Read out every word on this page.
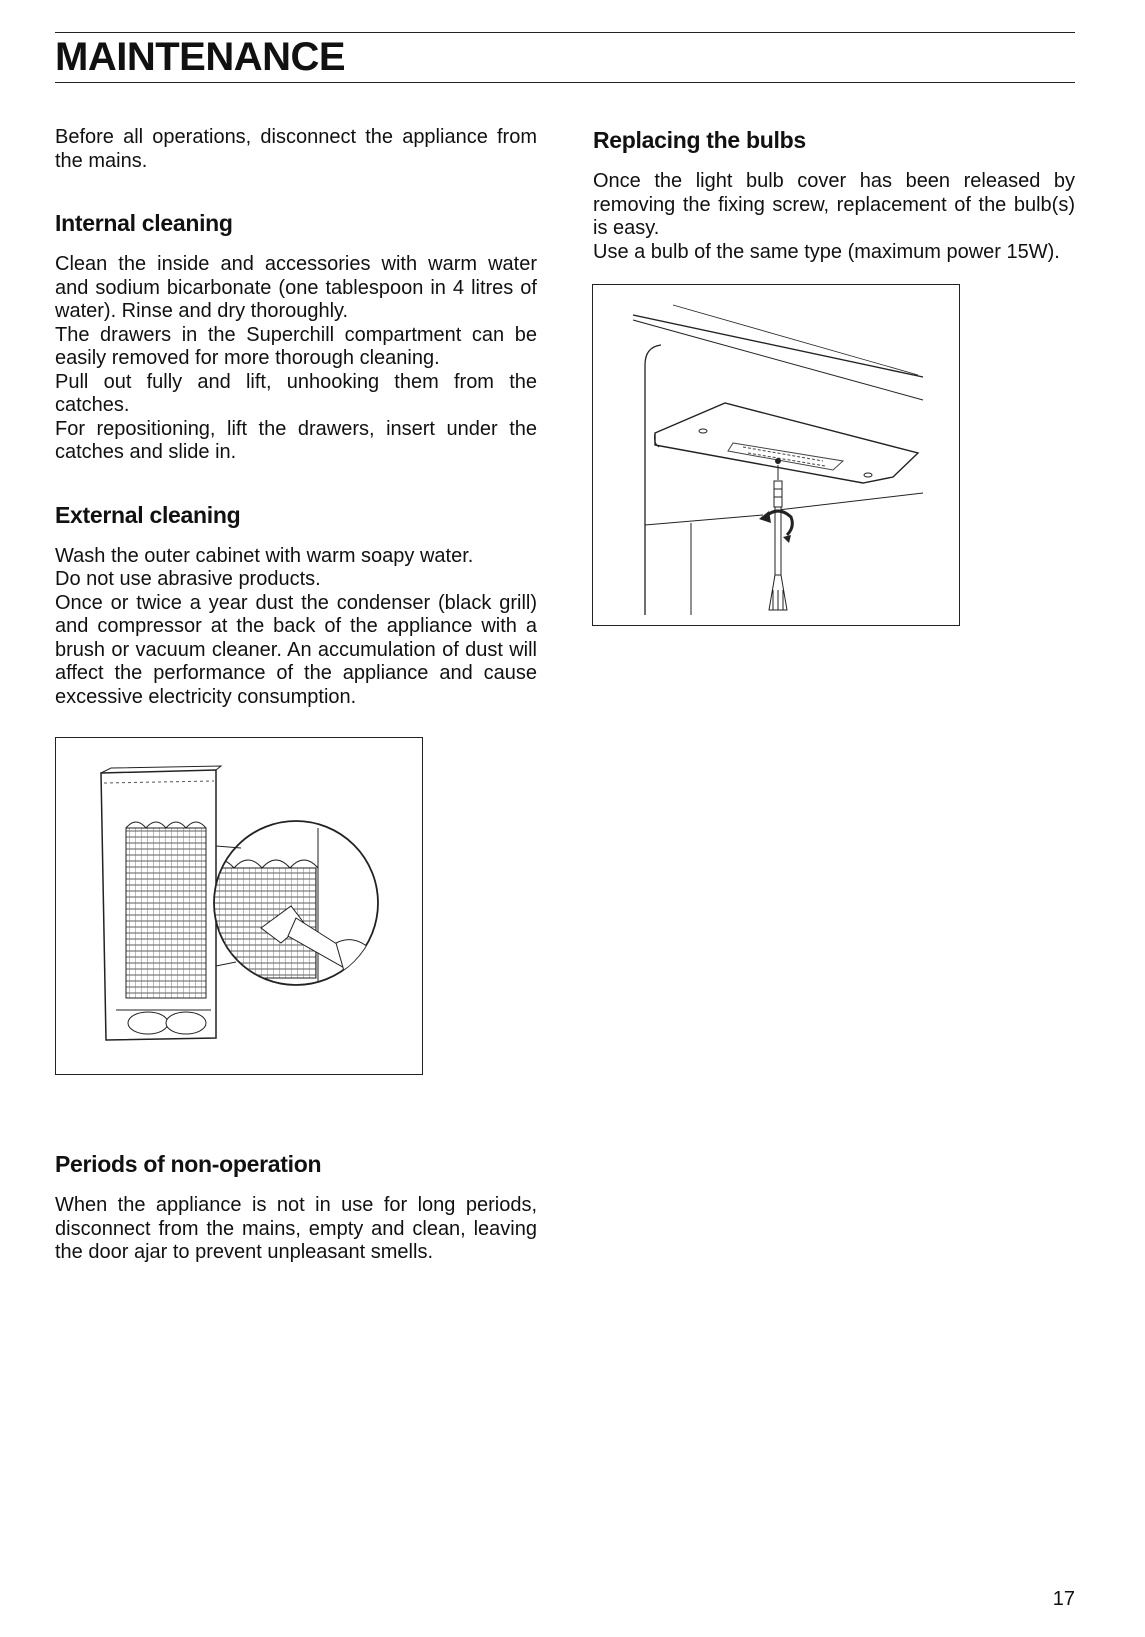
MAINTENANCE

Before all operations, disconnect the appliance from the mains.

Internal cleaning

Clean the inside and accessories with warm water and sodium bicarbonate (one tablespoon in 4 litres of water). Rinse and dry thoroughly.

The drawers in the Superchill compartment can be easily removed for more thorough cleaning.

Pull out fully and lift, unhooking them from the catches.

For repositioning, lift the drawers, insert under the catches and slide in.

External cleaning

Wash the outer cabinet with warm soapy water.

Do not use abrasive products.

Once or twice a year dust the condenser (black grill) and compressor at the back of the appliance with a brush or vacuum cleaner. An accumulation of dust will affect the performance of the appliance and cause excessive electricity consumption.

Periods of non-operation

When the appliance is not in use for long periods, disconnect from the mains, empty and clean, leaving the door ajar to prevent unpleasant smells.

Replacing the bulbs

Once the light bulb cover has been released by removing the fixing screw, replacement of the bulb(s) is easy.

Use a bulb of the same type (maximum power 15W).

17
